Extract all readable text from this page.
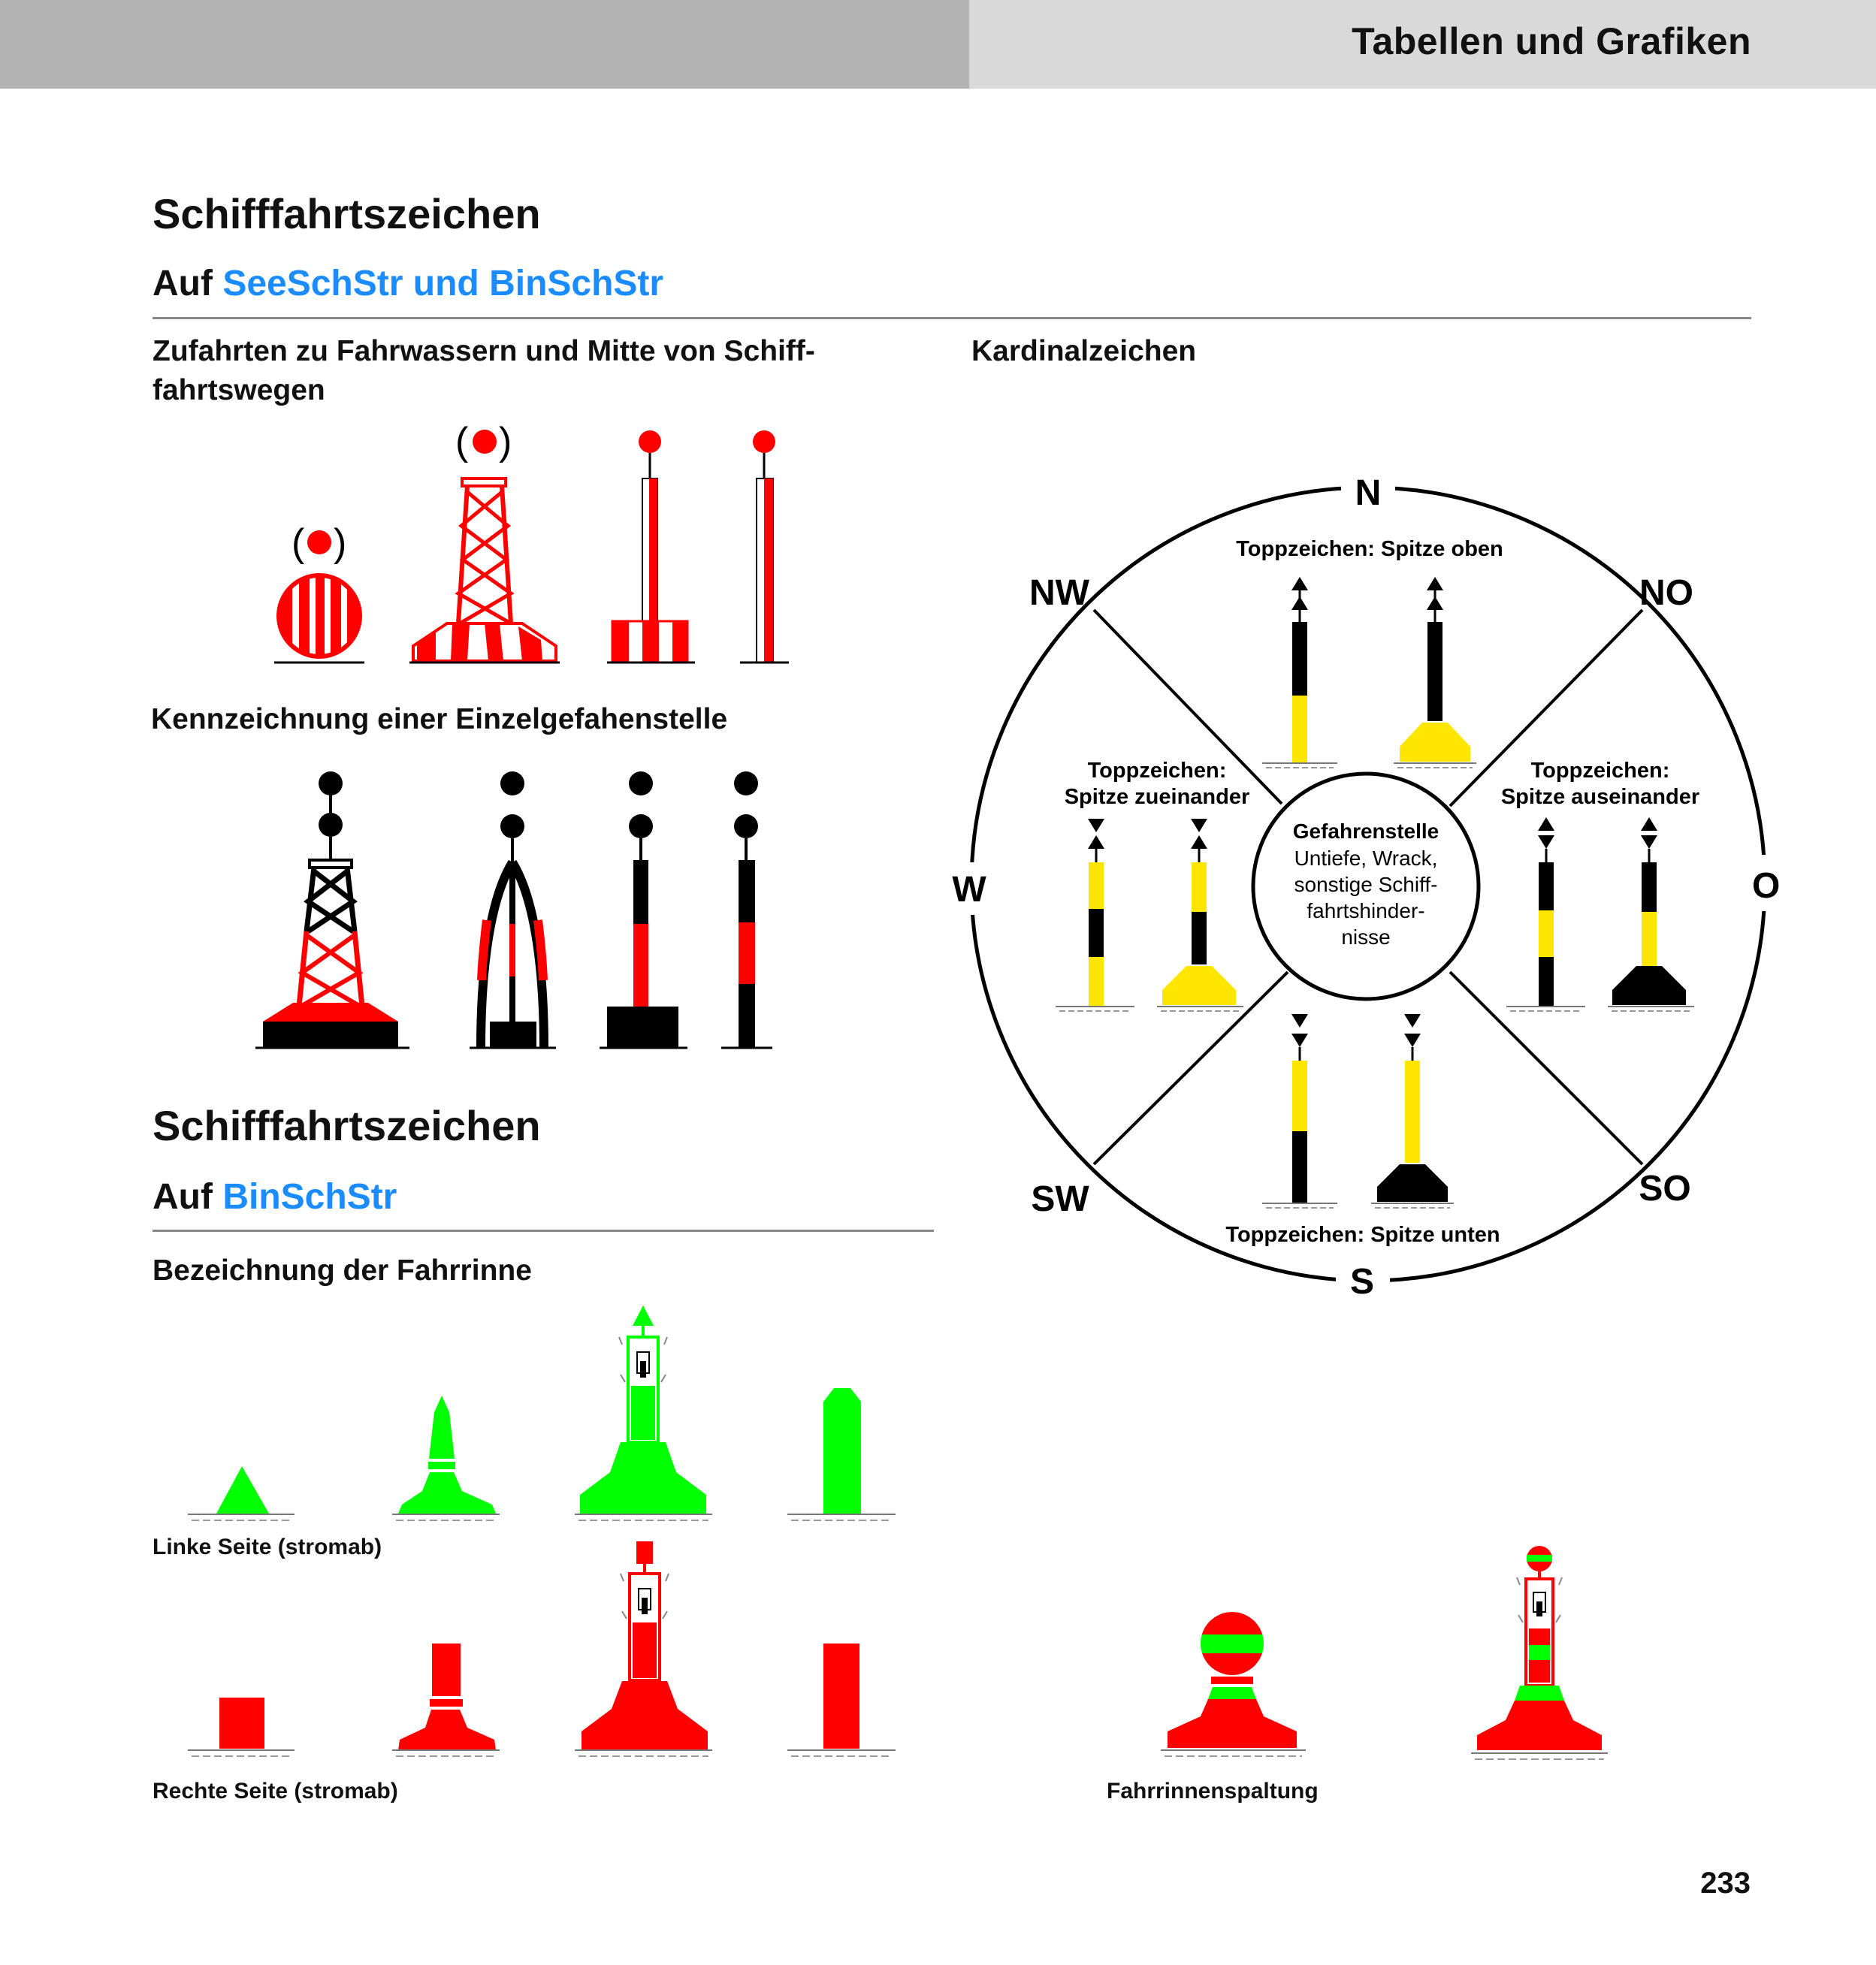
Tabellen und Grafiken
Schifffahrtszeichen
Auf SeeSchStr und BinSchStr
Zufahrten zu Fahrwassern und Mitte von Schiff-
fahrtswegen
Kardinalzeichen
Kennzeichnung einer Einzelgefahenstelle
Schifffahrtszeichen
Auf BinSchStr
Bezeichnung der Fahrrinne
Linke Seite (stromab)
Rechte Seite (stromab)	Fahrrinnenspaltung
233
( )
( )
N
S
W	O
NW	NO
SW	SO
Toppzeichen: Spitze oben
Toppzeichen: Spitze unten
Toppzeichen:
Spitze zueinander
Toppzeichen:
Spitze auseinander
Gefahrenstelle
Untiefe, Wrack,
sonstige Schiff-
fahrtshinder-
nisse
